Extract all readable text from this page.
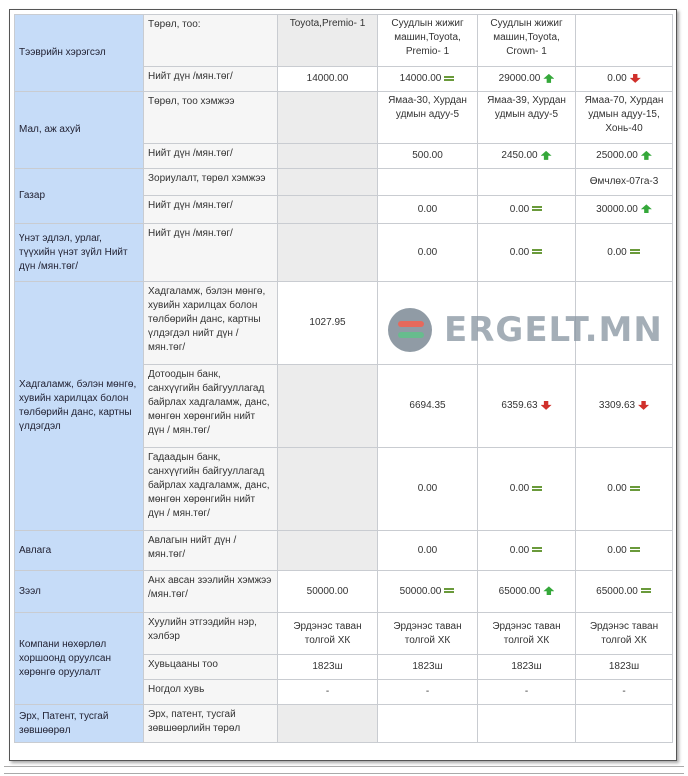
Тээврийн хэрэгсэл	Төрөл, тоо:	Toyota,Premio- 1	Суудлын жижиг машин,Toyota, Premio- 1	Суудлын жижиг машин,Toyota, Crown- 1	
	Нийт дүн /мян.төг/	14000.00	14000.00	29000.00	0.00
Мал, аж ахуй	Төрөл, тоо хэмжээ		Ямаа-30, Хурдан удмын адуу-5	Ямаа-39, Хурдан удмын адуу-5	Ямаа-70, Хурдан удмын адуу-15, Хонь-40
	Нийт дүн /мян.төг/		500.00	2450.00	25000.00
Газар	Зориулалт, төрөл хэмжээ				Өмчлөх-07га-3
	Нийт дүн /мян.төг/		0.00	0.00	30000.00
Үнэт эдлэл, урлаг, түүхийн үнэт зүйл Нийт дүн /мян.төг/	Нийт дүн /мян.төг/		0.00	0.00	0.00
Хадгаламж, бэлэн мөнгө, хувийн харилцах болон төлбөрийн данс, картны үлдэгдэл	Хадгаламж, бэлэн мөнгө, хувийн харилцах болон төлбөрийн данс, картны үлдэгдэл нийт дүн / мян.төг/	1027.95			
	Дотоодын банк, санхүүгийн байгууллагад байрлах хадгаламж, данс, мөнгөн хөрөнгийн нийт дүн / мян.төг/		6694.35	6359.63	3309.63
	Гадаадын банк, санхүүгийн байгууллагад байрлах хадгаламж, данс, мөнгөн хөрөнгийн нийт дүн / мян.төг/		0.00	0.00	0.00
Авлага	Авлагын нийт дүн / мян.төг/		0.00	0.00	0.00
Зээл	Анх авсан зээлийн хэмжээ /мян.төг/	50000.00	50000.00	65000.00	65000.00
Компани нөхөрлөл хоршоонд оруулсан хөрөнгө оруулалт	Хуулийн этгээдийн нэр, хэлбэр	Эрдэнэс таван толгой ХК	Эрдэнэс таван толгой ХК	Эрдэнэс таван толгой ХК	Эрдэнэс таван толгой ХК
	Хувьцааны тоо	1823ш	1823ш	1823ш	1823ш
	Ногдол хувь	-	-	-	-
Эрх, Патент, тусгай зөвшөөрөл	Эрх, патент, тусгай зөвшөөрлийн төрөл				
ERGELT.MN
